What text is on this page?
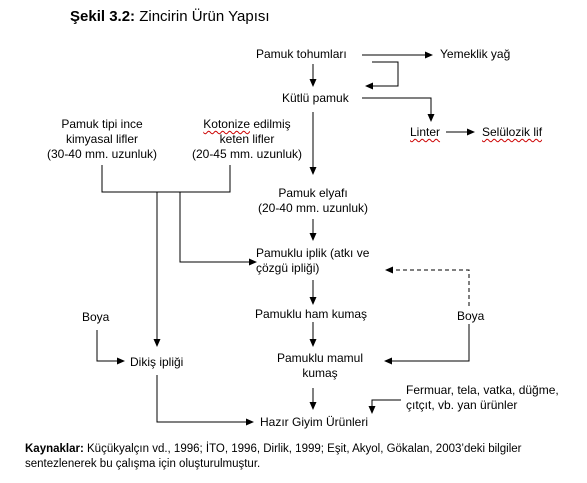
Şekil 3.2: Zincirin Ürün Yapısı
Pamuk tohumları	Yemeklik yağ
Kütlü pamuk
Linter	Selülozik lif
Pamuk tipi ince
kimyasal lifler
(30-40 mm. uzunluk)
Kotonize edilmiş
keten lifler
(20-45 mm. uzunluk)
Pamuk elyafı
(20-40 mm. uzunluk)
Pamuklu iplik (atkı ve
çözgü ipliği)
Boya	Pamuklu ham kumaş	Boya
Dikiş ipliği	Pamuklu mamul
kumaş
Fermuar, tela, vatka, düğme,
çıtçıt, vb. yan ürünler
Hazır Giyim Ürünleri
Kaynaklar: Küçükyalçın vd., 1996; İTO, 1996, Dirlik, 1999; Eşit, Akyol, Gökalan, 2003’deki bilgiler sentezlenerek bu çalışma için oluşturulmuştur.
